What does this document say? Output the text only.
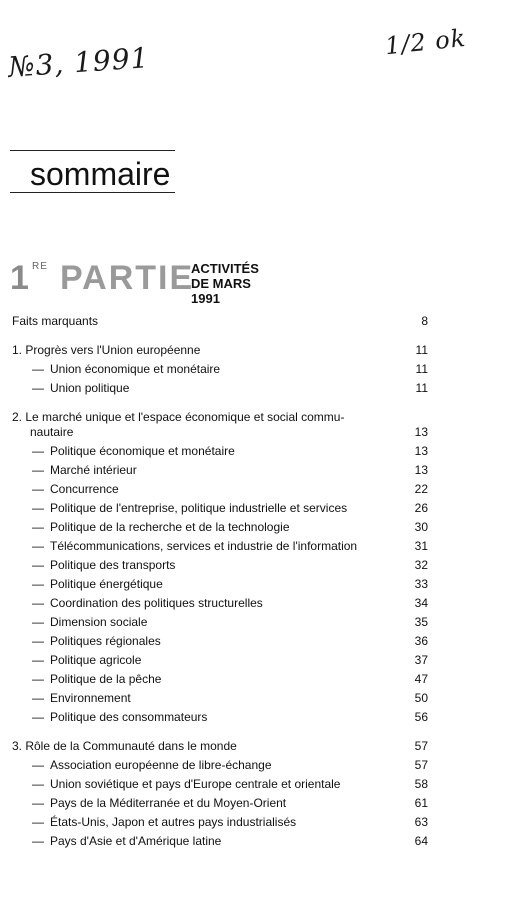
№3, 1991	1/2 ok
sommaire
1 RE PARTIE
ACTIVITÉS
DE MARS 1991
Faits marquants	8
1. Progrès vers l'Union européenne	11
— Union économique et monétaire	11
— Union politique	11
2. Le marché unique et l'espace économique et social commu-
nautaire	13
— Politique économique et monétaire	13
— Marché intérieur	13
— Concurrence	22
— Politique de l'entreprise, politique industrielle et services	26
— Politique de la recherche et de la technologie	30
— Télécommunications, services et industrie de l'information	31
— Politique des transports	32
— Politique énergétique	33
— Coordination des politiques structurelles	34
— Dimension sociale	35
— Politiques régionales	36
— Politique agricole	37
— Politique de la pêche	47
— Environnement	50
— Politique des consommateurs	56
3. Rôle de la Communauté dans le monde	57
— Association européenne de libre-échange	57
— Union soviétique et pays d'Europe centrale et orientale	58
— Pays de la Méditerranée et du Moyen-Orient	61
— États-Unis, Japon et autres pays industrialisés	63
— Pays d'Asie et d'Amérique latine	64
